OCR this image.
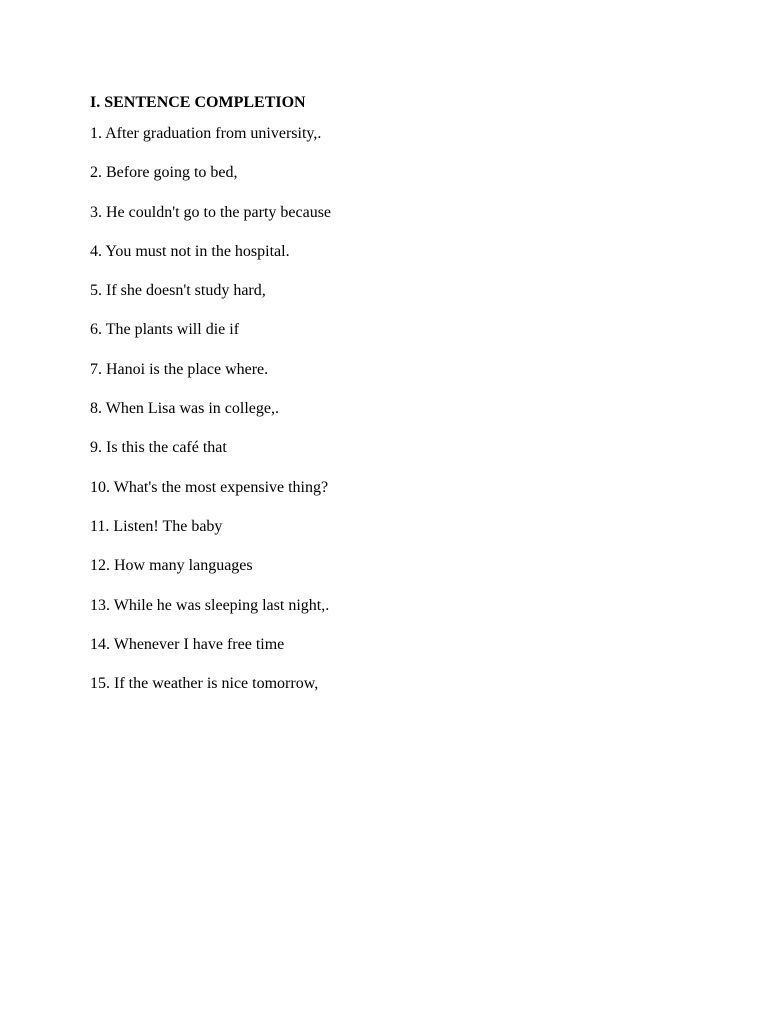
I. SENTENCE COMPLETION
1. After graduation from university,.
2. Before going to bed,
3. He couldn't go to the party because
4. You must not in the hospital.
5. If she doesn't study hard,
6. The plants will die if
7. Hanoi is the place where.
8. When Lisa was in college,.
9. Is this the café that
10. What's the most expensive thing?
11. Listen! The baby
12. How many languages
13. While he was sleeping last night,.
14. Whenever I have free time
15. If the weather is nice tomorrow,
